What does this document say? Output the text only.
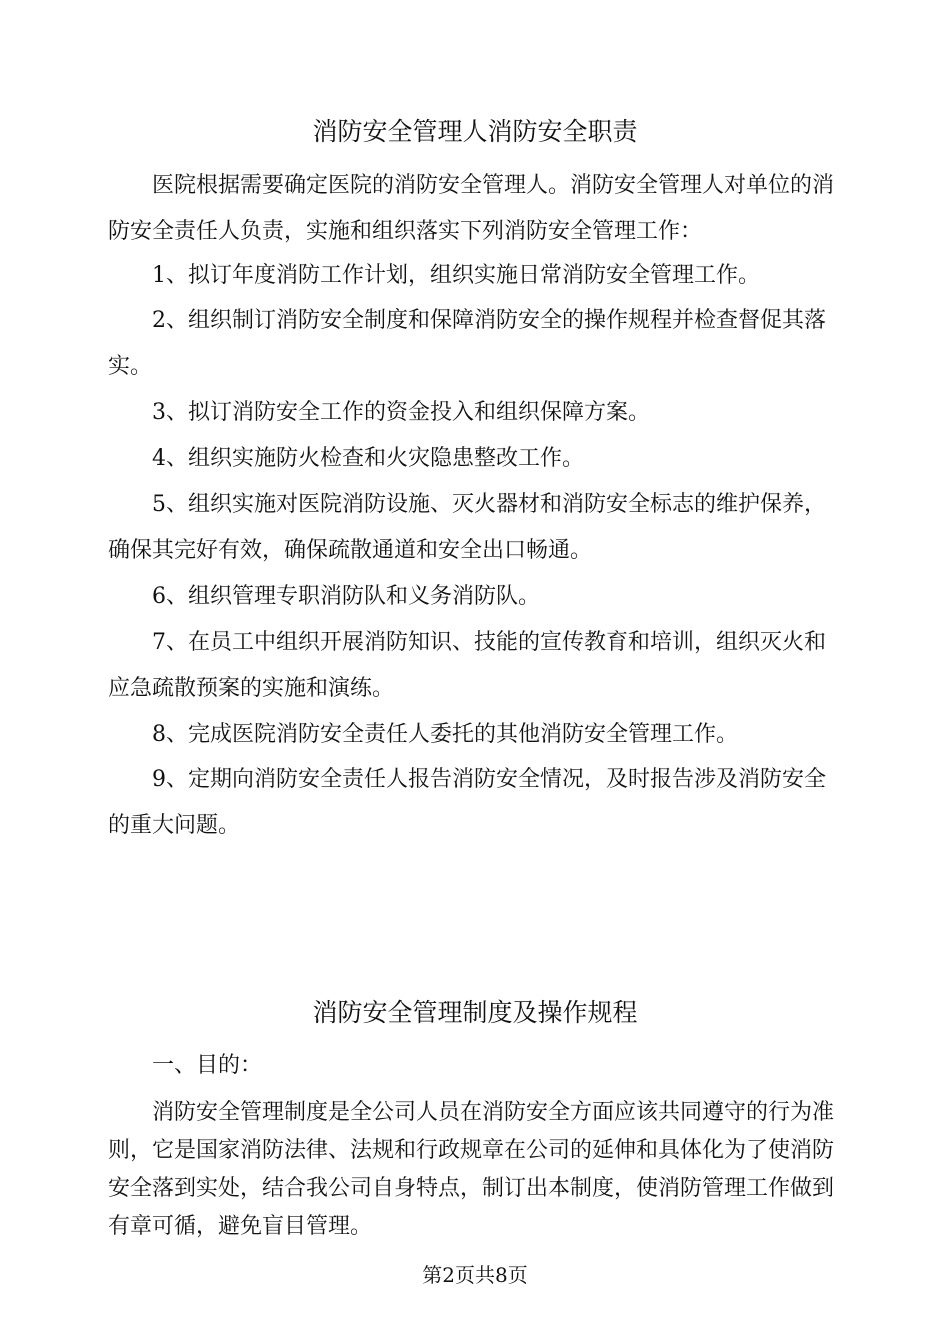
消防安全管理人消防安全职责

医院根据需要确定医院的消防安全管理人。消防安全管理人对单位的消防安全责任人负责，实施和组织落实下列消防安全管理工作：

1、拟订年度消防工作计划，组织实施日常消防安全管理工作。

2、组织制订消防安全制度和保障消防安全的操作规程并检查督促其落实。

3、拟订消防安全工作的资金投入和组织保障方案。

4、组织实施防火检查和火灾隐患整改工作。

5、组织实施对医院消防设施、灭火器材和消防安全标志的维护保养，确保其完好有效，确保疏散通道和安全出口畅通。

6、组织管理专职消防队和义务消防队。

7、在员工中组织开展消防知识、技能的宣传教育和培训，组织灭火和应急疏散预案的实施和演练。

8、完成医院消防安全责任人委托的其他消防安全管理工作。

9、定期向消防安全责任人报告消防安全情况，及时报告涉及消防安全的重大问题。

消防安全管理制度及操作规程

一、目的：

消防安全管理制度是全公司人员在消防安全方面应该共同遵守的行为准则，它是国家消防法律、法规和行政规章在公司的延伸和具体化为了使消防安全落到实处，结合我公司自身特点，制订出本制度，使消防管理工作做到有章可循，避免盲目管理。

第2页共8页
